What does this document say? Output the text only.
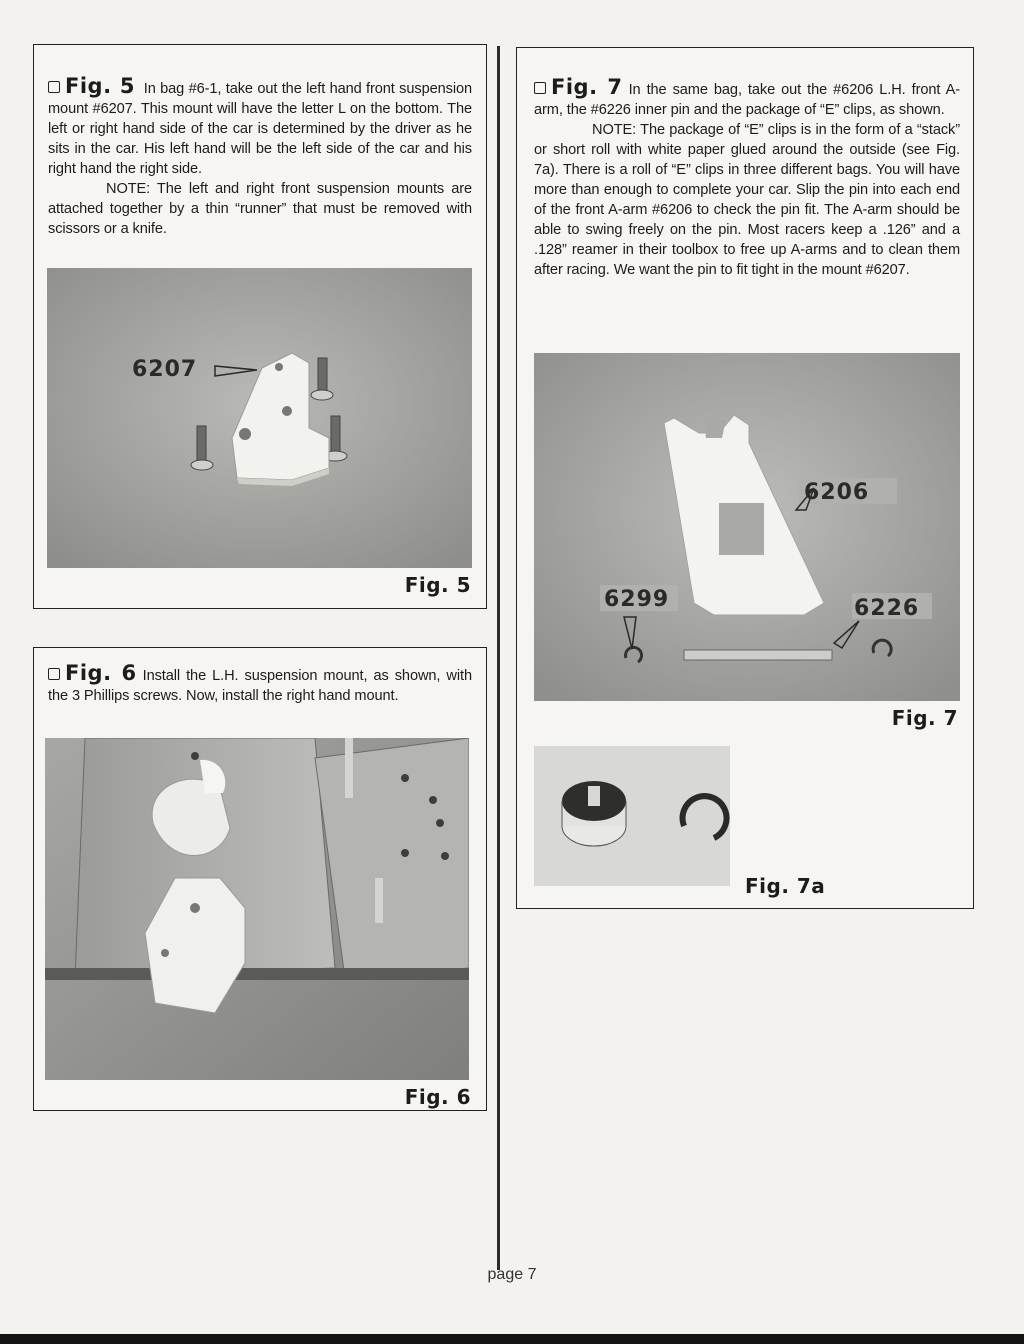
Fig. 5 In bag #6-1, take out the left hand front suspension mount #6207. This mount will have the letter L on the bottom. The left or right hand side of the car is determined by the driver as he sits in the car. His left hand will be the left side of the car and his right hand the right side.

NOTE: The left and right front suspension mounts are attached together by a thin “runner” that must be removed with scissors or a knife.

6207
Fig. 5

Fig. 6 Install the L.H. suspension mount, as shown, with the 3 Phillips screws. Now, install the right hand mount.

Fig. 6

Fig. 7 In the same bag, take out the #6206 L.H. front A-arm, the #6226 inner pin and the package of “E” clips, as shown.

NOTE: The package of “E” clips is in the form of a “stack” or short roll with white paper glued around the outside (see Fig. 7a). There is a roll of “E” clips in three different bags. You will have more than enough to complete your car. Slip the pin into each end of the front A-arm #6206 to check the pin fit. The A-arm should be able to swing freely on the pin. Most racers keep a .126” and a .128” reamer in their toolbox to free up A-arms and to clean them after racing. We want the pin to fit tight in the mount #6207.

6206
6299	6226
Fig. 7
Fig. 7a
page 7
